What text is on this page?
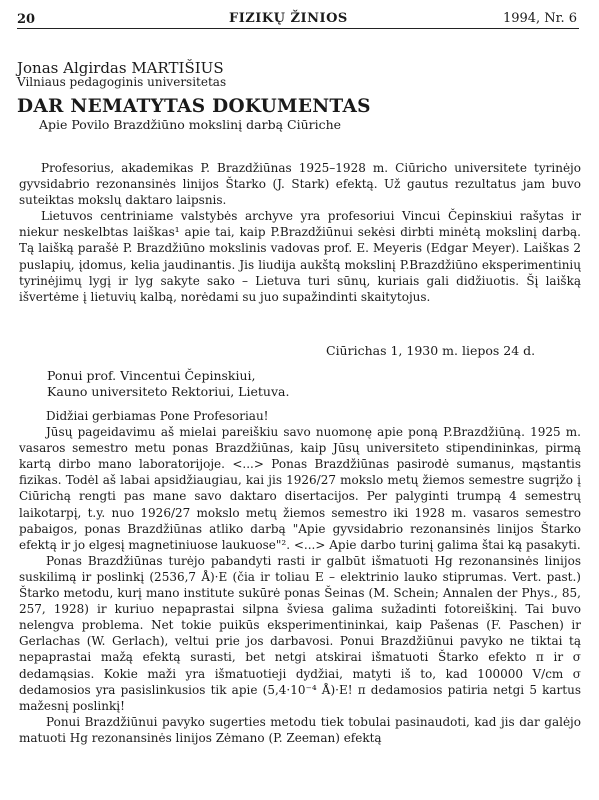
20	FIZIKŲ ŽINIOS	1994, Nr. 6
Jonas Algirdas MARTIŠIUS
Vilniaus pedagoginis universitetas
DAR NEMATYTAS DOKUMENTAS
Apie Povilo Brazdžiūno mokslinį darbą Ciūriche

Profesorius, akademikas P. Brazdžiūnas 1925–1928 m. Ciūricho universitete tyrinėjo gyvsidabrio rezonansinės linijos Štarko (J. Stark) efektą. Už gautus rezultatus jam buvo suteiktas mokslų daktaro laipsnis.

Lietuvos centriniame valstybės archyve yra profesoriui Vincui Čepinskiui rašytas ir niekur neskelbtas laiškas¹ apie tai, kaip P.Brazdžiūnui sekėsi dirbti minėtą mokslinį darbą. Tą laišką parašė P. Brazdžiūno mokslinis vadovas prof. E. Meyeris (Edgar Meyer). Laiškas 2 puslapių, įdomus, kelia jaudinantis. Jis liudija aukštą mokslinį P.Brazdžiūno eksperimentinių tyrinėjimų lygį ir lyg sakyte sako – Lietuva turi sūnų, kuriais gali didžiuotis. Šį laišką išvertėme į lietuvių kalbą, norėdami su juo supažindinti skaitytojus.

Ciūrichas 1, 1930 m. liepos 24 d.
Ponui prof. Vincentui Čepinskiui,
Kauno universiteto Rektoriui, Lietuva.

Didžiai gerbiamas Pone Profesoriau!

Jūsų pageidavimu aš mielai pareiškiu savo nuomonę apie poną P.Brazdžiūną. 1925 m. vasaros semestro metu ponas Brazdžiūnas, kaip Jūsų universiteto stipendininkas, pirmą kartą dirbo mano laboratorijoje. <...> Ponas Brazdžiūnas pasirodė sumanus, mąstantis fizikas. Todėl aš labai apsidžiaugiau, kai jis 1926/27 mokslo metų žiemos semestre sugrįžo į Ciūrichą rengti pas mane savo daktaro disertacijos. Per palyginti trumpą 4 semestrų laikotarpį, t.y. nuo 1926/27 mokslo metų žiemos semestro iki 1928 m. vasaros semestro pabaigos, ponas Brazdžiūnas atliko darbą "Apie gyvsidabrio rezonansinės linijos Štarko efektą ir jo elgesį magnetiniuose laukuose"². <...> Apie darbo turinį galima štai ką pasakyti.

Ponas Brazdžiūnas turėjo pabandyti rasti ir galbūt išmatuoti Hg rezonansinės linijos suskilimą ir poslinkį (2536,7 Å)·E (čia ir toliau E – elektrinio lauko stiprumas. Vert. past.) Štarko metodu, kurį mano institute sukūrė ponas Šeinas (M. Schein; Annalen der Phys., 85, 257, 1928) ir kuriuo nepaprastai silpna šviesa galima sužadinti fotoreiškinį. Tai buvo nelengva problema. Net tokie puikūs eksperimentininkai, kaip Pašenas (F. Paschen) ir Gerlachas (W. Gerlach), veltui prie jos darbavosi. Ponui Brazdžiūnui pavyko ne tiktai tą nepaprastai mažą efektą surasti, bet netgi atskirai išmatuoti Štarko efekto π ir σ dedamąsias. Kokie maži yra išmatuotieji dydžiai, matyti iš to, kad 100000 V/cm σ dedamosios yra pasislinkusios tik apie (5,4·10⁻⁴ Å)·E! π dedamosios patiria netgi 5 kartus mažesnį poslinkį!

Ponui Brazdžiūnui pavyko sugerties metodu tiek tobulai pasinaudoti, kad jis dar galėjo matuoti Hg rezonansinės linijos Zėmano (P. Zeeman) efektą
